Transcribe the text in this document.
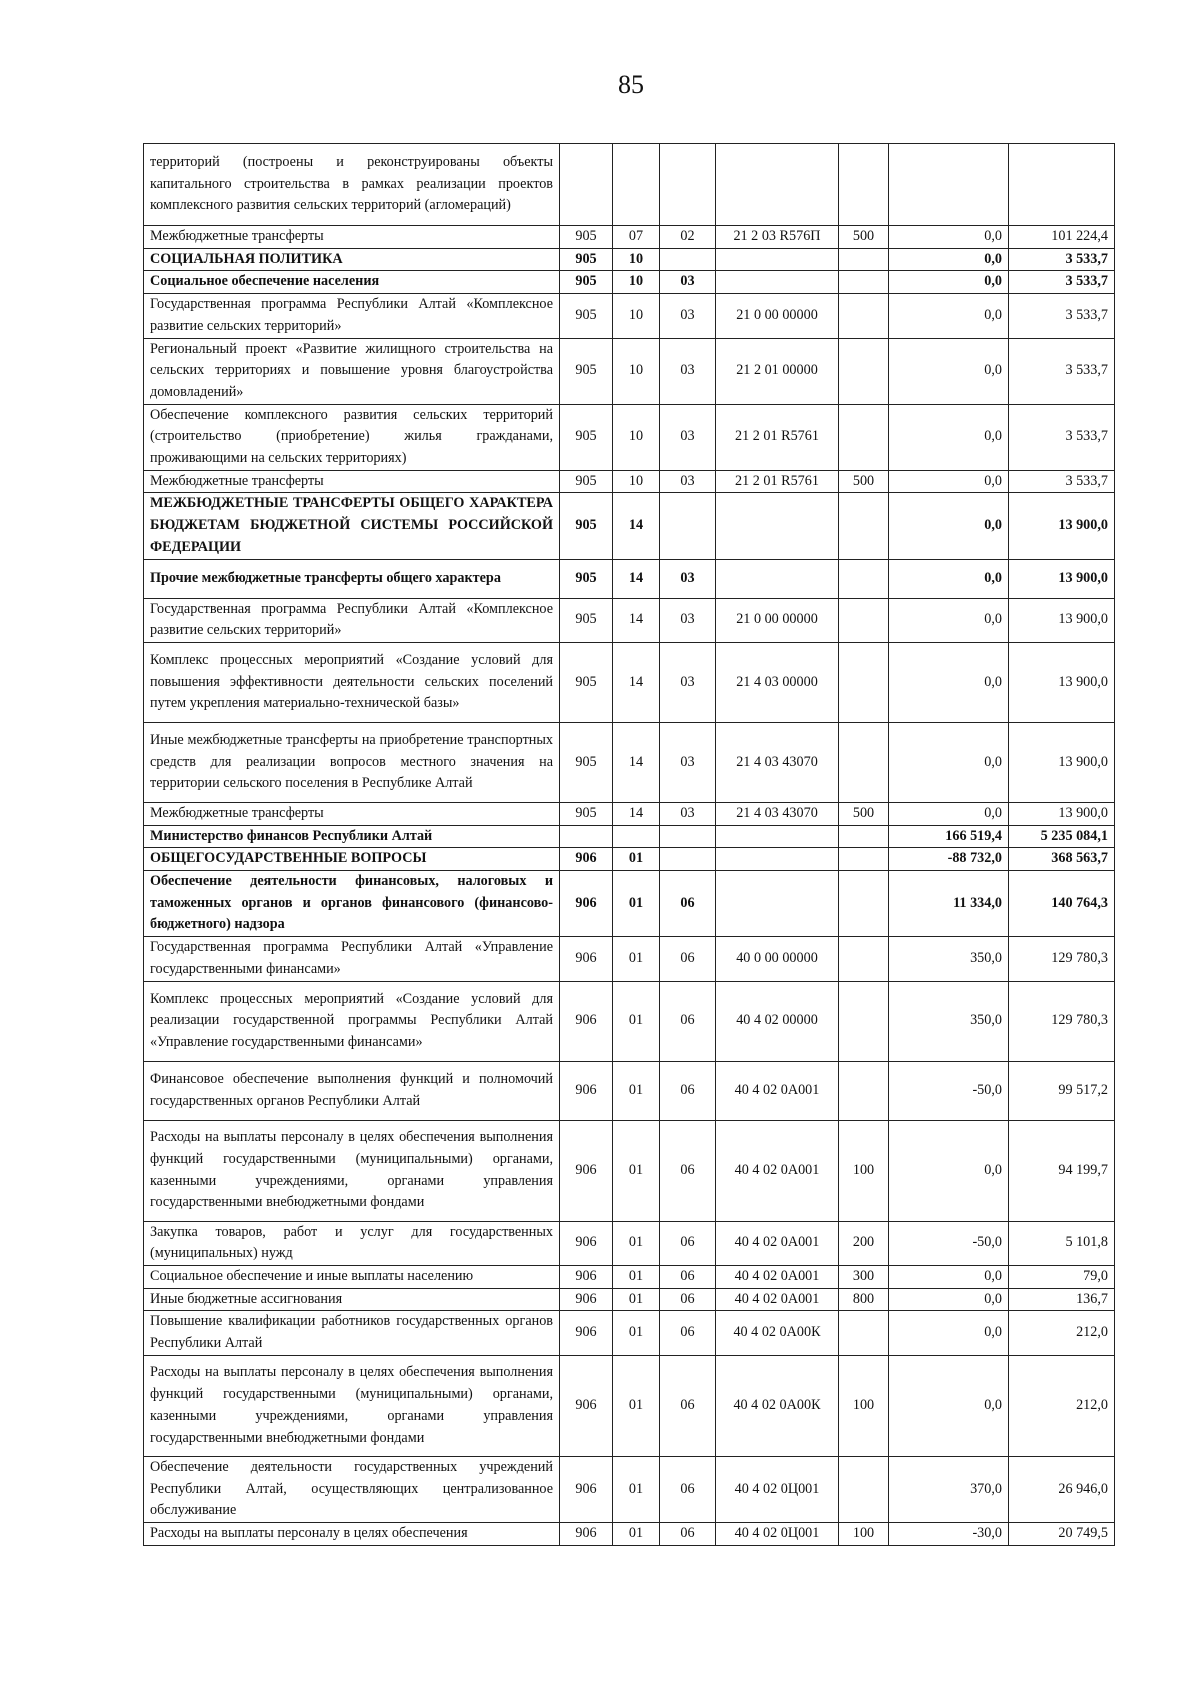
85
территорий (построены и реконструированы объекты капитального строительства в рамках реализации проектов комплексного развития сельских территорий (агломераций)							
Межбюджетные трансферты	905	07	02	21 2 03 R576П	500	0,0	101 224,4
СОЦИАЛЬНАЯ ПОЛИТИКА	905	10				0,0	3 533,7
Социальное обеспечение населения	905	10	03			0,0	3 533,7
Государственная программа Республики Алтай «Комплексное развитие сельских территорий»	905	10	03	21 0 00 00000		0,0	3 533,7
Региональный проект «Развитие жилищного строительства на сельских территориях и повышение уровня благоустройства домовладений»	905	10	03	21 2 01 00000		0,0	3 533,7
Обеспечение комплексного развития сельских территорий (строительство (приобретение) жилья гражданами, проживающими на сельских территориях)	905	10	03	21 2 01 R5761		0,0	3 533,7
Межбюджетные трансферты	905	10	03	21 2 01 R5761	500	0,0	3 533,7
МЕЖБЮДЖЕТНЫЕ ТРАНСФЕРТЫ ОБЩЕГО ХАРАКТЕРА БЮДЖЕТАМ БЮДЖЕТНОЙ СИСТЕМЫ РОССИЙСКОЙ ФЕДЕРАЦИИ	905	14				0,0	13 900,0
Прочие межбюджетные трансферты общего характера	905	14	03			0,0	13 900,0
Государственная программа Республики Алтай «Комплексное развитие сельских территорий»	905	14	03	21 0 00 00000		0,0	13 900,0
Комплекс процессных мероприятий «Создание условий для повышения эффективности деятельности сельских поселений путем укрепления материально-технической базы»	905	14	03	21 4 03 00000		0,0	13 900,0
Иные межбюджетные трансферты на приобретение транспортных средств для реализации вопросов местного значения на территории сельского поселения в Республике Алтай	905	14	03	21 4 03 43070		0,0	13 900,0
Межбюджетные трансферты	905	14	03	21 4 03 43070	500	0,0	13 900,0
Министерство финансов Республики Алтай						166 519,4	5 235 084,1
ОБЩЕГОСУДАРСТВЕННЫЕ ВОПРОСЫ	906	01				-88 732,0	368 563,7
Обеспечение деятельности финансовых, налоговых и таможенных органов и органов финансового (финансово-бюджетного) надзора	906	01	06			11 334,0	140 764,3
Государственная программа Республики Алтай «Управление государственными финансами»	906	01	06	40 0 00 00000		350,0	129 780,3
Комплекс процессных мероприятий «Создание условий для реализации государственной программы Республики Алтай «Управление государственными финансами»	906	01	06	40 4 02 00000		350,0	129 780,3
Финансовое обеспечение выполнения функций и полномочий государственных органов Республики Алтай	906	01	06	40 4 02 0А001		-50,0	99 517,2
Расходы на выплаты персоналу в целях обеспечения выполнения функций государственными (муниципальными) органами, казенными учреждениями, органами управления государственными внебюджетными фондами	906	01	06	40 4 02 0А001	100	0,0	94 199,7
Закупка товаров, работ и услуг для государственных (муниципальных) нужд	906	01	06	40 4 02 0А001	200	-50,0	5 101,8
Социальное обеспечение и иные выплаты населению	906	01	06	40 4 02 0А001	300	0,0	79,0
Иные бюджетные ассигнования	906	01	06	40 4 02 0А001	800	0,0	136,7
Повышение квалификации работников государственных органов Республики Алтай	906	01	06	40 4 02 0А00К		0,0	212,0
Расходы на выплаты персоналу в целях обеспечения выполнения функций государственными (муниципальными) органами, казенными учреждениями, органами управления государственными внебюджетными фондами	906	01	06	40 4 02 0А00К	100	0,0	212,0
Обеспечение деятельности государственных учреждений Республики Алтай, осуществляющих централизованное обслуживание	906	01	06	40 4 02 0Ц001		370,0	26 946,0
Расходы на выплаты персоналу в целях обеспечения	906	01	06	40 4 02 0Ц001	100	-30,0	20 749,5
